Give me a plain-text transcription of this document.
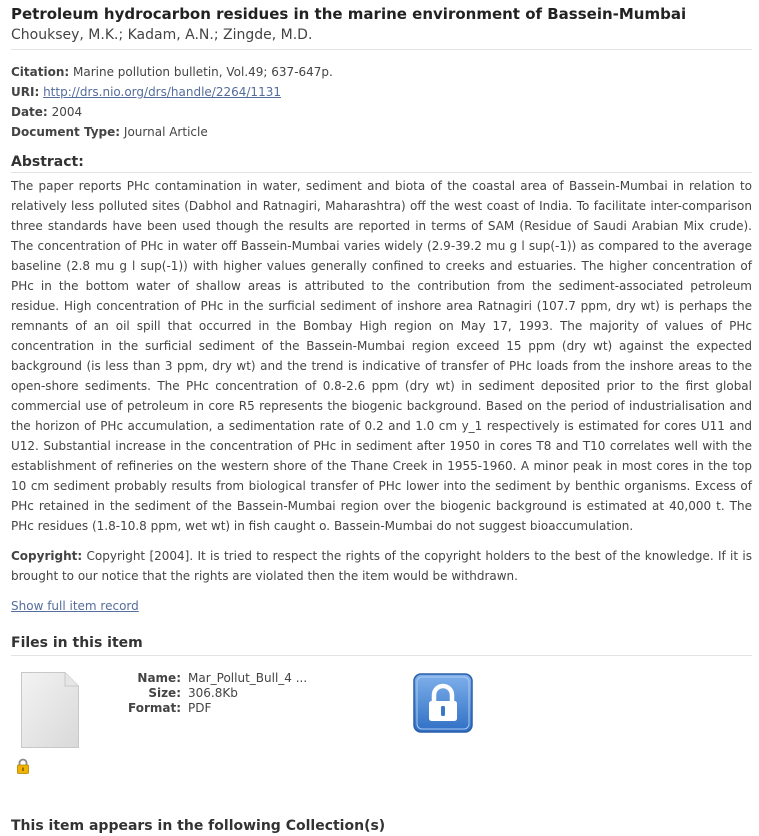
Petroleum hydrocarbon residues in the marine environment of Bassein-Mumbai
Chouksey, M.K.; Kadam, A.N.; Zingde, M.D.
Citation: Marine pollution bulletin, Vol.49; 637-647p.
URI: http://drs.nio.org/drs/handle/2264/1131
Date: 2004
Document Type: Journal Article
Abstract:
The paper reports PHc contamination in water, sediment and biota of the coastal area of Bassein-Mumbai in relation to relatively less polluted sites (Dabhol and Ratnagiri, Maharashtra) off the west coast of India. To facilitate inter-comparison three standards have been used though the results are reported in terms of SAM (Residue of Saudi Arabian Mix crude). The concentration of PHc in water off Bassein-Mumbai varies widely (2.9-39.2 mu g l sup(-1)) as compared to the average baseline (2.8 mu g l sup(-1)) with higher values generally confined to creeks and estuaries. The higher concentration of PHc in the bottom water of shallow areas is attributed to the contribution from the sediment-associated petroleum residue. High concentration of PHc in the surficial sediment of inshore area Ratnagiri (107.7 ppm, dry wt) is perhaps the remnants of an oil spill that occurred in the Bombay High region on May 17, 1993. The majority of values of PHc concentration in the surficial sediment of the Bassein-Mumbai region exceed 15 ppm (dry wt) against the expected background (is less than 3 ppm, dry wt) and the trend is indicative of transfer of PHc loads from the inshore areas to the open-shore sediments. The PHc concentration of 0.8-2.6 ppm (dry wt) in sediment deposited prior to the first global commercial use of petroleum in core R5 represents the biogenic background. Based on the period of industrialisation and the horizon of PHc accumulation, a sedimentation rate of 0.2 and 1.0 cm y_1 respectively is estimated for cores U11 and U12. Substantial increase in the concentration of PHc in sediment after 1950 in cores T8 and T10 correlates well with the establishment of refineries on the western shore of the Thane Creek in 1955-1960. A minor peak in most cores in the top 10 cm sediment probably results from biological transfer of PHc lower into the sediment by benthic organisms. Excess of PHc retained in the sediment of the Bassein-Mumbai region over the biogenic background is estimated at 40,000 t. The PHc residues (1.8-10.8 ppm, wet wt) in fish caught o. Bassein-Mumbai do not suggest bioaccumulation.
Copyright: Copyright [2004]. It is tried to respect the rights of the copyright holders to the best of the knowledge. If it is brought to our notice that the rights are violated then the item would be withdrawn.
Show full item record
Files in this item
Name: Mar_Pollut_Bull_4 ...
Size: 306.8Kb
Format: PDF
This item appears in the following Collection(s)
